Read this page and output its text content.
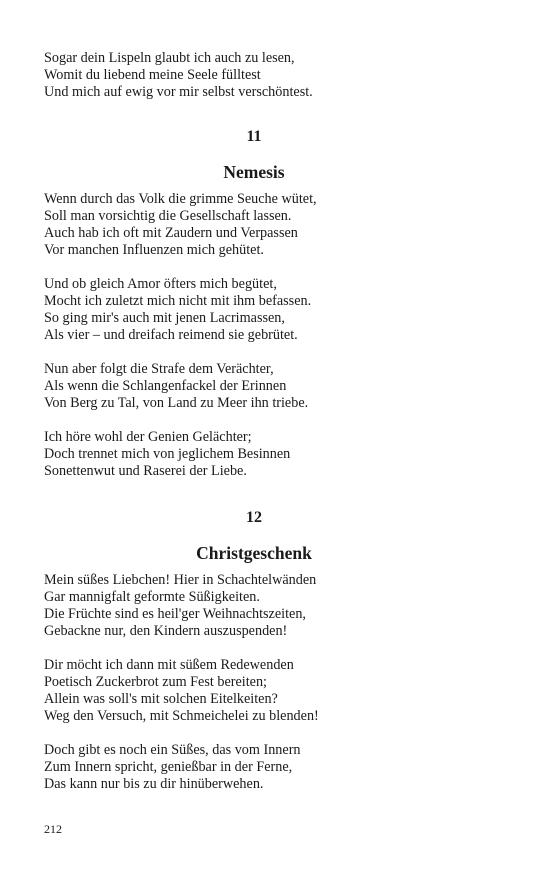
Sogar dein Lispeln glaubt ich auch zu lesen,
Womit du liebend meine Seele fülltest
Und mich auf ewig vor mir selbst verschöntest.

11

Nemesis

Wenn durch das Volk die grimme Seuche wütet,
Soll man vorsichtig die Gesellschaft lassen.
Auch hab ich oft mit Zaudern und Verpassen
Vor manchen Influenzen mich gehütet.
Und ob gleich Amor öfters mich begütet,
Mocht ich zuletzt mich nicht mit ihm befassen.
So ging mir's auch mit jenen Lacrimassen,
Als vier – und dreifach reimend sie gebrütet.
Nun aber folgt die Strafe dem Verächter,
Als wenn die Schlangenfackel der Erinnen
Von Berg zu Tal, von Land zu Meer ihn triebe.
Ich höre wohl der Genien Gelächter;
Doch trennet mich von jeglichem Besinnen
Sonettenwut und Raserei der Liebe.

12

Christgeschenk

Mein süßes Liebchen! Hier in Schachtelwänden
Gar mannigfalt geformte Süßigkeiten.
Die Früchte sind es heil'ger Weihnachtszeiten,
Gebackne nur, den Kindern auszuspenden!
Dir möcht ich dann mit süßem Redewenden
Poetisch Zuckerbrot zum Fest bereiten;
Allein was soll's mit solchen Eitelkeiten?
Weg den Versuch, mit Schmeichelei zu blenden!
Doch gibt es noch ein Süßes, das vom Innern
Zum Innern spricht, genießbar in der Ferne,
Das kann nur bis zu dir hinüberwehen.
212
